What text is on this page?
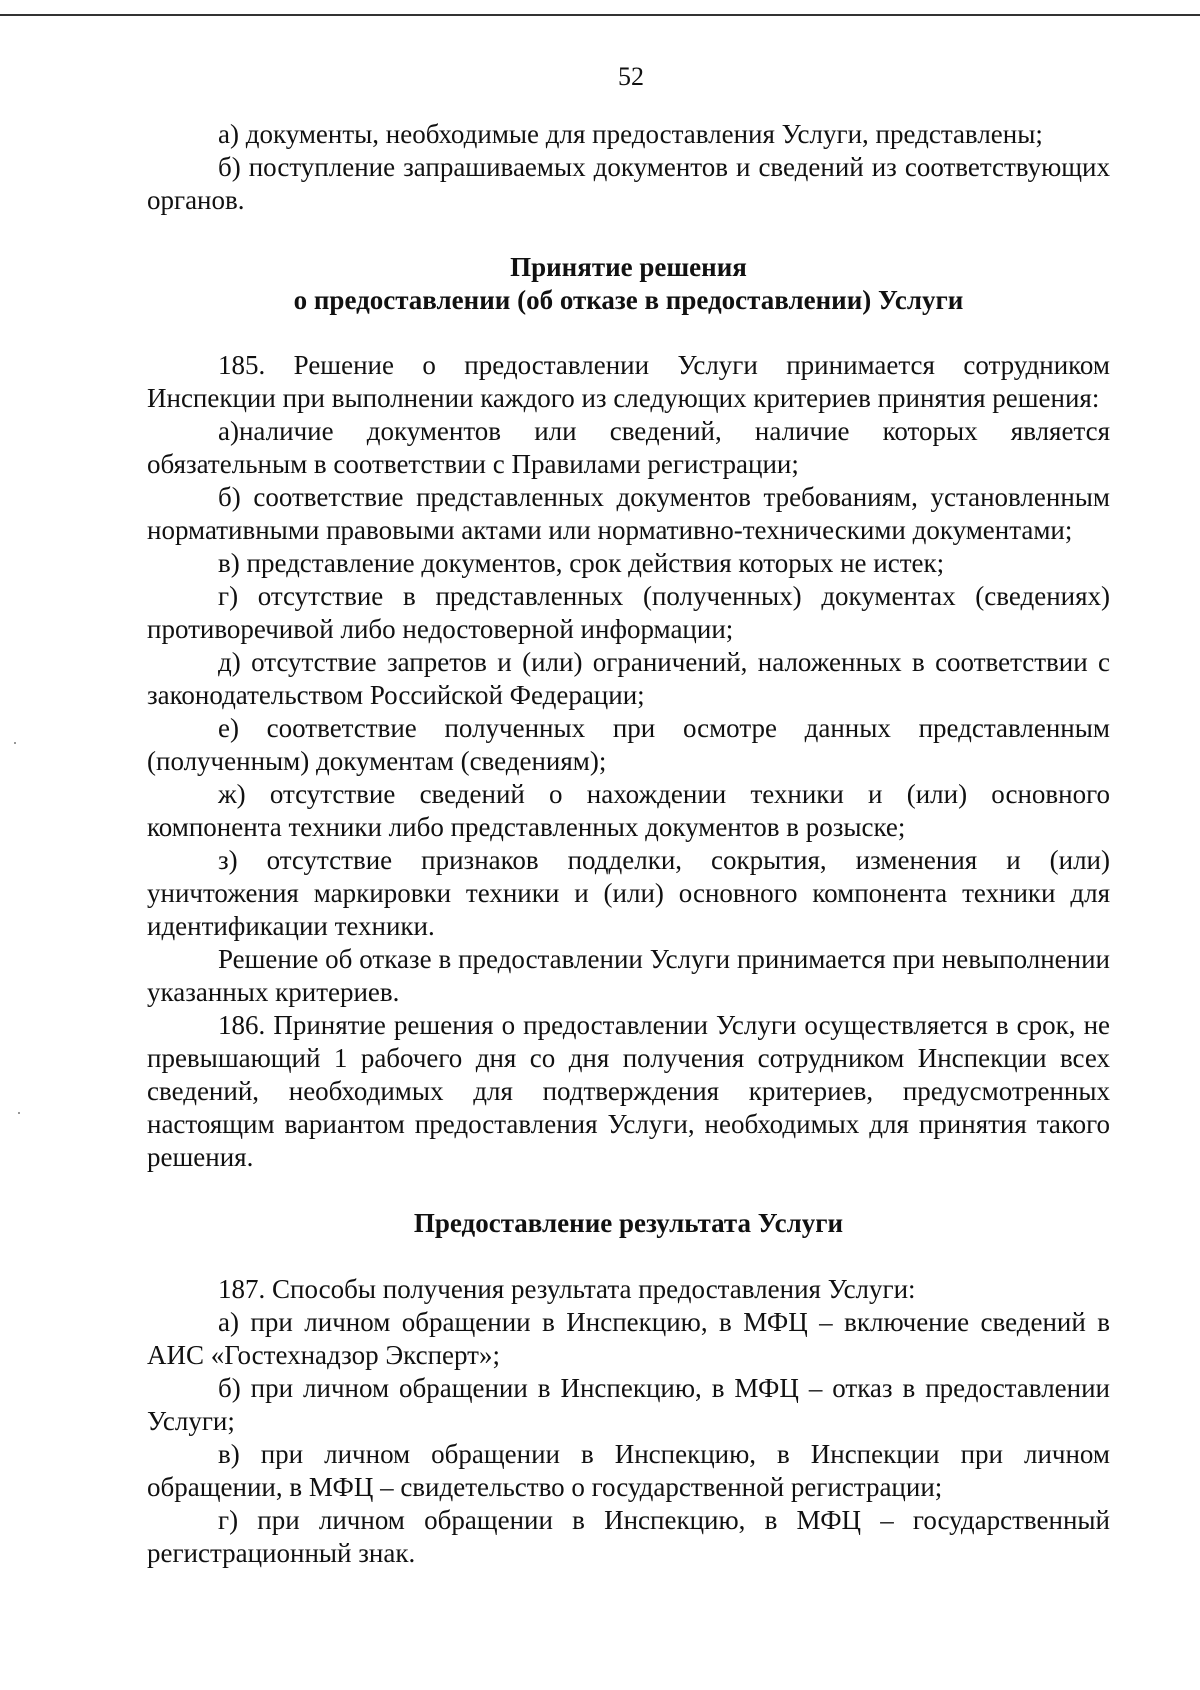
52

а) документы, необходимые для предоставления Услуги, представлены;

б) поступление запрашиваемых документов и сведений из соответствующих органов.

Принятие решения

о предоставлении (об отказе в предоставлении) Услуги

185. Решение о предоставлении Услуги принимается сотрудником Инспекции при выполнении каждого из следующих критериев принятия решения:

а)наличие документов или сведений, наличие которых является обязательным в соответствии с Правилами регистрации;

б) соответствие представленных документов требованиям, установленным нормативными правовыми актами или нормативно-техническими документами;

в) представление документов, срок действия которых не истек;

г) отсутствие в представленных (полученных) документах (сведениях) противоречивой либо недостоверной информации;

д) отсутствие запретов и (или) ограничений, наложенных в соответствии с законодательством Российской Федерации;

е) соответствие полученных при осмотре данных представленным (полученным) документам (сведениям);

ж) отсутствие сведений о нахождении техники и (или) основного компонента техники либо представленных документов в розыске;

з) отсутствие признаков подделки, сокрытия, изменения и (или) уничтожения маркировки техники и (или) основного компонента техники для идентификации техники.

Решение об отказе в предоставлении Услуги принимается при невыполнении указанных критериев.

186. Принятие решения о предоставлении Услуги осуществляется в срок, не превышающий 1 рабочего дня со дня получения сотрудником Инспекции всех сведений, необходимых для подтверждения критериев, предусмотренных настоящим вариантом предоставления Услуги, необходимых для принятия такого решения.

Предоставление результата Услуги

187. Способы получения результата предоставления Услуги:

а) при личном обращении в Инспекцию, в МФЦ – включение сведений в АИС «Гостехнадзор Эксперт»;

б) при личном обращении в Инспекцию, в МФЦ – отказ в предоставлении Услуги;

в) при личном обращении в Инспекцию, в Инспекции при личном обращении, в МФЦ – свидетельство о государственной регистрации;

г) при личном обращении в Инспекцию, в МФЦ – государственный регистрационный знак.
